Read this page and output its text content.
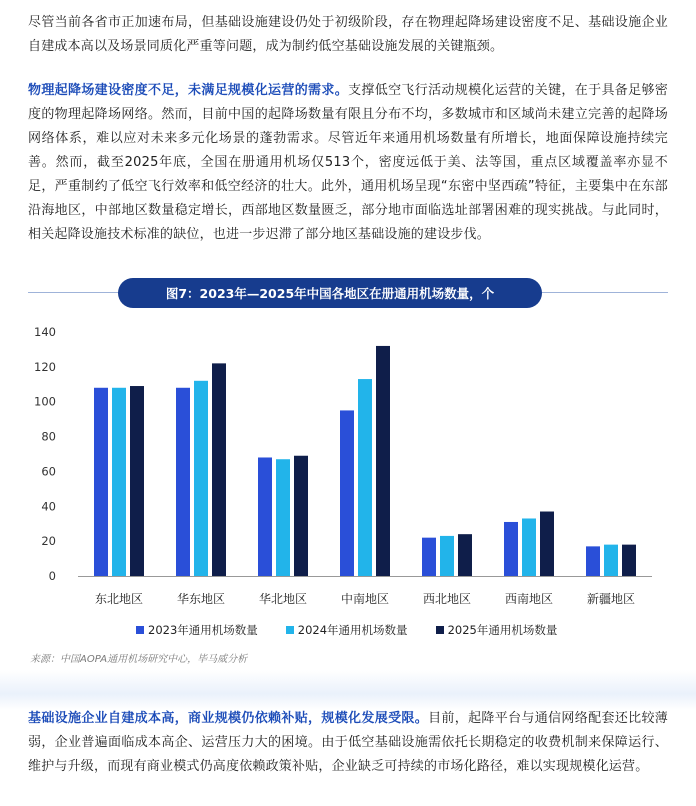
尽管当前各省市正加速布局，但基础设施建设仍处于初级阶段，存在物理起降场建设密度不足、基础设施企业自建成本高以及场景同质化严重等问题，成为制约低空基础设施发展的关键瓶颈。

物理起降场建设密度不足，未满足规模化运营的需求。支撑低空飞行活动规模化运营的关键，在于具备足够密度的物理起降场网络。然而，目前中国的起降场数量有限且分布不均，多数城市和区域尚未建立完善的起降场网络体系，难以应对未来多元化场景的蓬勃需求。尽管近年来通用机场数量有所增长，地面保障设施持续完善。然而，截至2025年底，全国在册通用机场仅513个，密度远低于美、法等国，重点区域覆盖率亦显不足，严重制约了低空飞行效率和低空经济的壮大。此外，通用机场呈现“东密中坚西疏”特征，主要集中在东部沿海地区，中部地区数量稳定增长，西部地区数量匮乏，部分地市面临选址部署困难的现实挑战。与此同时，相关起降设施技术标准的缺位，也进一步迟滞了部分地区基础设施的建设步伐。

图7：2023年—2025年中国各地区在册通用机场数量，个
0
20
40
60
80
100
120
140
东北地区	华东地区	华北地区	中南地区	西北地区	西南地区	新疆地区
2023年通用机场数量	2024年通用机场数量	2025年通用机场数量
来源：中国AOPA通用机场研究中心，毕马威分析

基础设施企业自建成本高，商业规模仍依赖补贴，规模化发展受限。目前，起降平台与通信网络配套还比较薄弱，企业普遍面临成本高企、运营压力大的困境。由于低空基础设施需依托长期稳定的收费机制来保障运行、维护与升级，而现有商业模式仍高度依赖政策补贴，企业缺乏可持续的市场化路径，难以实现规模化运营。
